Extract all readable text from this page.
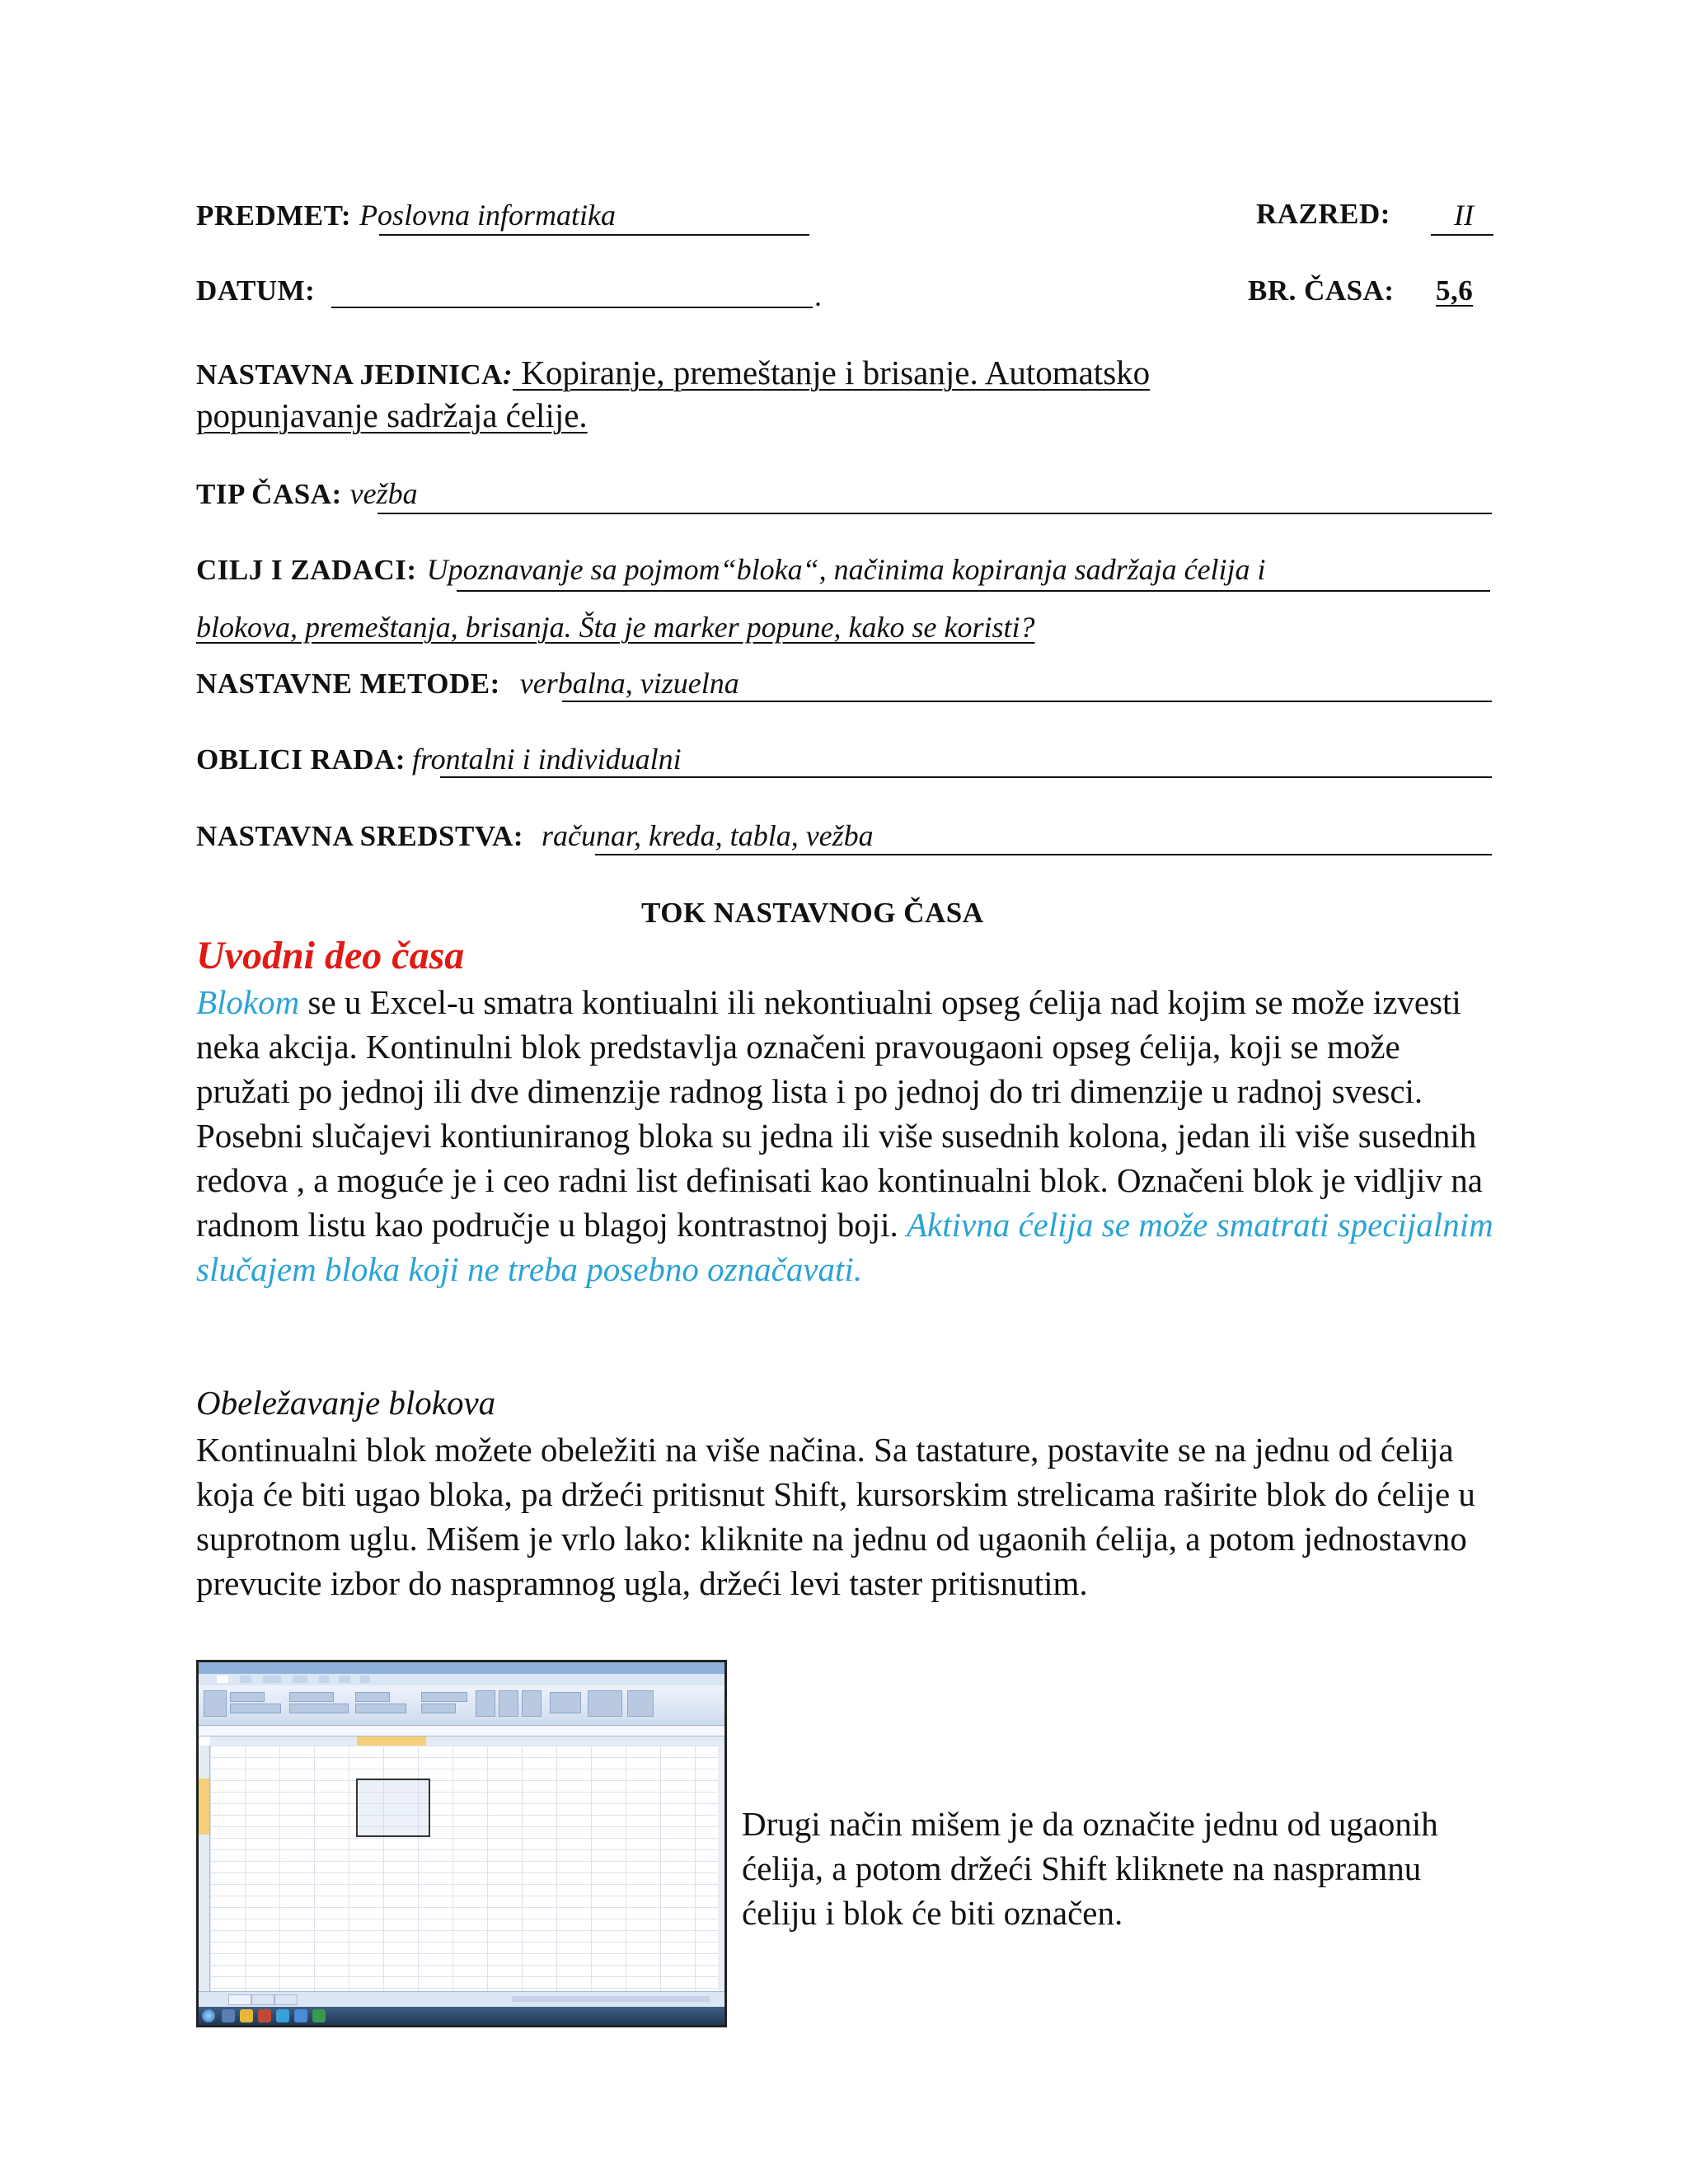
PREDMET: Poslovna informatika	RAZRED: II
DATUM:	.	BR. ČASA: 5,6
NASTAVNA JEDINICA: Kopiranje, premeštanje i brisanje. Automatsko
popunjavanje sadržaja ćelije.
TIP ČASA: vežba
CILJ I ZADACI: Upoznavanje sa pojmom“bloka“, načinima kopiranja sadržaja ćelija i
blokova, premeštanja, brisanja. Šta je marker popune, kako se koristi?
NASTAVNE METODE: verbalna, vizuelna
OBLICI RADA: frontalni i individualni
NASTAVNA SREDSTVA: računar, kreda, tabla, vežba
TOK NASTAVNOG ČASA
Uvodni deo časa
Blokom se u Excel-u smatra kontiualni ili nekontiualni opseg ćelija nad kojim se može izvesti neka akcija. Kontinulni blok predstavlja označeni pravougaoni opseg ćelija, koji se može pružati po jednoj ili dve dimenzije radnog lista i po jednoj do tri dimenzije u radnoj svesci. Posebni slučajevi kontiuniranog bloka su jedna ili više susednih kolona, jedan ili više susednih redova , a moguće je i ceo radni list definisati kao kontinualni blok. Označeni blok je vidljiv na radnom listu kao područje u blagoj kontrastnoj boji. Aktivna ćelija se može smatrati specijalnim slučajem bloka koji ne treba posebno označavati.
Obeležavanje blokova
Kontinualni blok možete obeležiti na više načina. Sa tastature, postavite se na jednu od ćelija koja će biti ugao bloka, pa držeći pritisnut Shift, kursorskim strelicama raširite blok do ćelije u suprotnom uglu. Mišem je vrlo lako: kliknite na jednu od ugaonih ćelija, a potom jednostavno prevucite izbor do naspramnog ugla, držeći levi taster pritisnutim.
Drugi način mišem je da označite jednu od ugaonih ćelija, a potom držeći Shift kliknete na naspramnu ćeliju i blok će biti označen.
